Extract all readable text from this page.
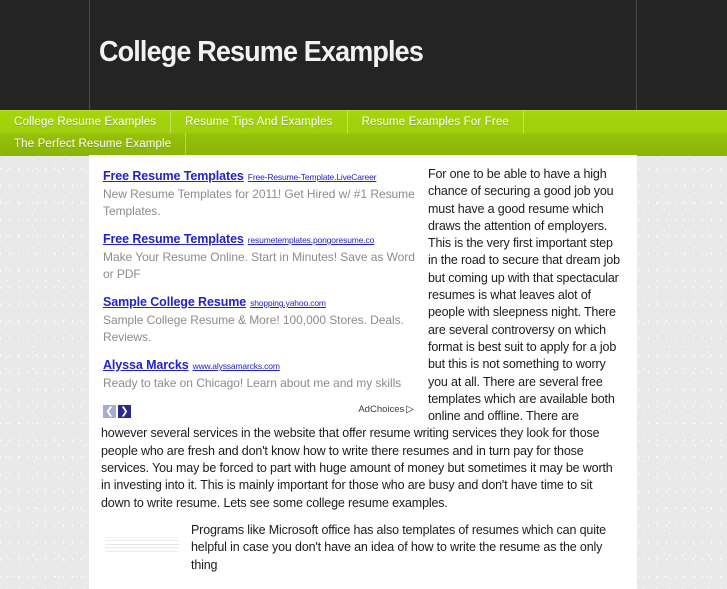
College Resume Examples
College Resume Examples	Resume Tips And Examples	Resume Examples For Free
The Perfect Resume Example
Free Resume Templates Free-Resume-Template.LiveCareer
New Resume Templates for 2011! Get Hired w/ #1 Resume Templates.
Free Resume Templates resumetemplates.pongoresume.co
Make Your Resume Online. Start in Minutes! Save as Word or PDF
Sample College Resume shopping.yahoo.com
Sample College Resume & More! 100,000 Stores. Deals. Reviews.
Alyssa Marcks www.alyssamarcks.com
Ready to take on Chicago! Learn about me and my skills
❮ ❯	AdChoices ▷

For one to be able to have a high chance of securing a good job you must have a good resume which draws the attention of employers. This is the very first important step in the road to secure that dream job but coming up with that spectacular resumes is what leaves alot of people with sleepness night. There are several controversy on which format is best suit to apply for a job but this is not something to worry you at all. There are several free templates which are available both online and offline. There are however several services in the website that offer resume writing services they look for those people who are fresh and don't know how to write there resumes and in turn pay for those services. You may be forced to part with huge amount of money but sometimes it may be worth in investing into it. This is mainly important for those who are busy and don't have time to sit down to write resume. Lets see some college resume examples.

Programs like Microsoft office has also templates of resumes which can quite helpful in case you don't have an idea of how to write the resume as the only thing
